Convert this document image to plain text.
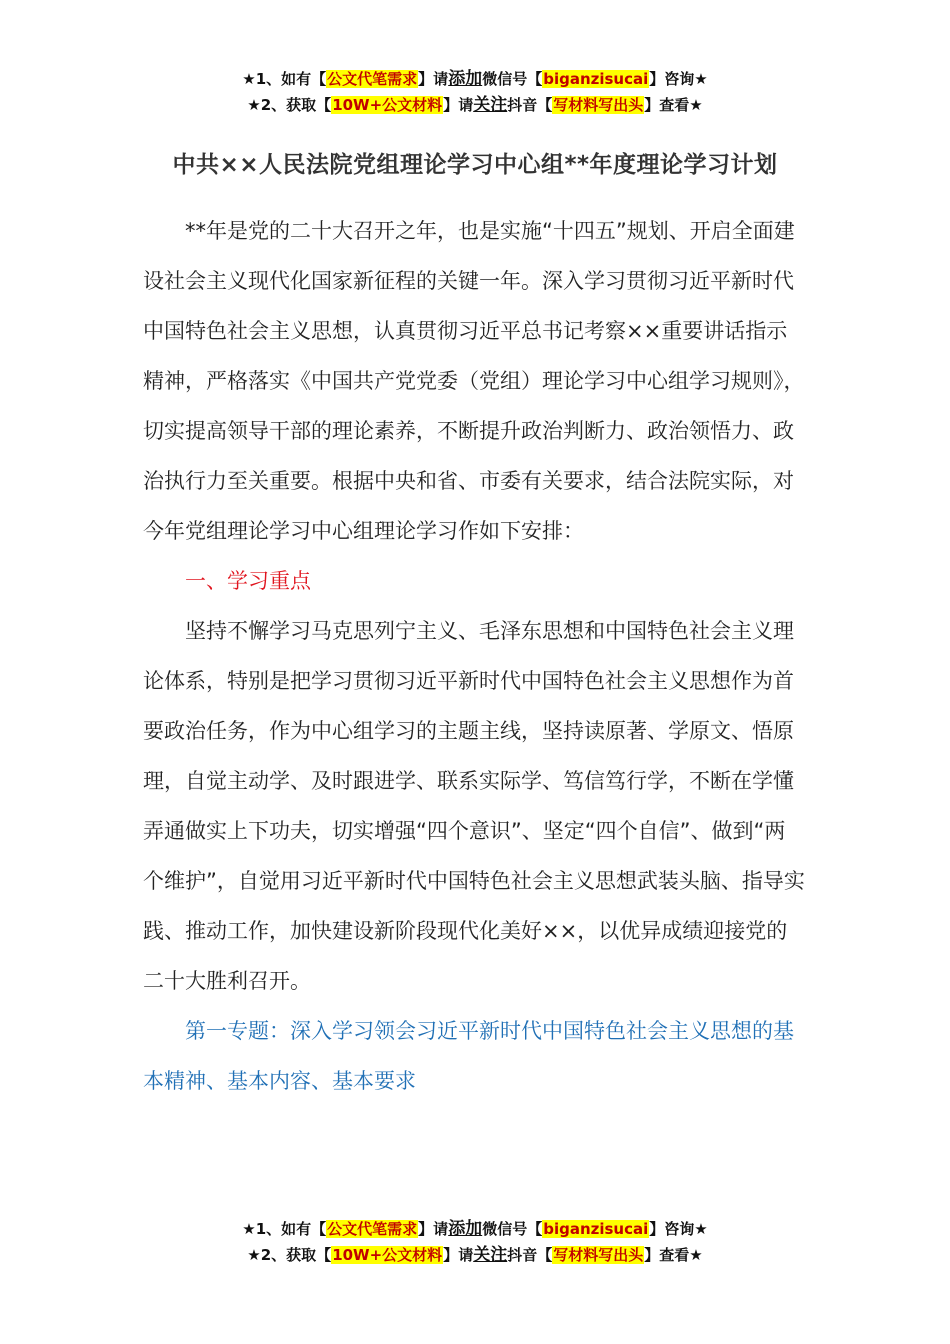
★1、如有【公文代笔需求】请添加微信号【biganzisucai】咨询★
★2、获取【10W+公文材料】请关注抖音【写材料写出头】查看★
中共××人民法院党组理论学习中心组**年度理论学习计划

**年是党的二十大召开之年，也是实施“十四五”规划、开启全面建设社会主义现代化国家新征程的关键一年。深入学习贯彻习近平新时代中国特色社会主义思想，认真贯彻习近平总书记考察××重要讲话指示精神，严格落实《中国共产党党委（党组）理论学习中心组学习规则》，切实提高领导干部的理论素养，不断提升政治判断力、政治领悟力、政治执行力至关重要。根据中央和省、市委有关要求，结合法院实际，对今年党组理论学习中心组理论学习作如下安排：

一、学习重点

坚持不懈学习马克思列宁主义、毛泽东思想和中国特色社会主义理论体系，特别是把学习贯彻习近平新时代中国特色社会主义思想作为首要政治任务，作为中心组学习的主题主线，坚持读原著、学原文、悟原理，自觉主动学、及时跟进学、联系实际学、笃信笃行学，不断在学懂弄通做实上下功夫，切实增强“四个意识”、坚定“四个自信”、做到“两个维护”，自觉用习近平新时代中国特色社会主义思想武装头脑、指导实践、推动工作，加快建设新阶段现代化美好××，以优异成绩迎接党的二十大胜利召开。

第一专题：深入学习领会习近平新时代中国特色社会主义思想的基本精神、基本内容、基本要求

★1、如有【公文代笔需求】请添加微信号【biganzisucai】咨询★
★2、获取【10W+公文材料】请关注抖音【写材料写出头】查看★
